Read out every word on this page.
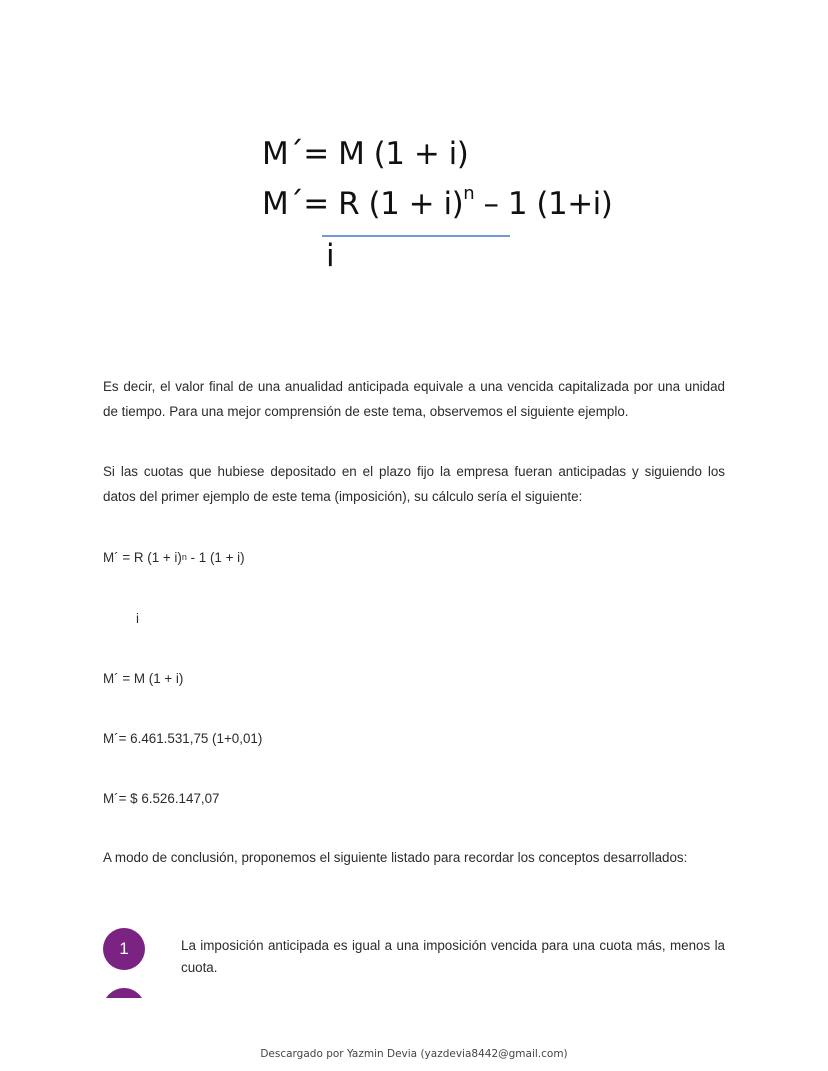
M´= M (1 + i)
M´= R $(1 + i)^n - 1$ (1+i)
i

Es decir, el valor final de una anualidad anticipada equivale a una vencida capitalizada por una unidad de tiempo. Para una mejor comprensión de este tema, observemos el siguiente ejemplo.

Si las cuotas que hubiese depositado en el plazo fijo la empresa fueran anticipadas y siguiendo los datos del primer ejemplo de este tema (imposición), su cálculo sería el siguiente:

M´ = R $(1 + i)^n - 1$ (1 + i)
i
M´ = M (1 + i)
M´= 6.461.531,75 (1+0,01)
M´= $ 6.526.147,07
A modo de conclusión, proponemos el siguiente listado para recordar los conceptos desarrollados:
1	La imposición anticipada es igual a una imposición vencida para una cuota más, menos la cuota.
Descargado por Yazmin Devia (yazdevia8442@gmail.com)
